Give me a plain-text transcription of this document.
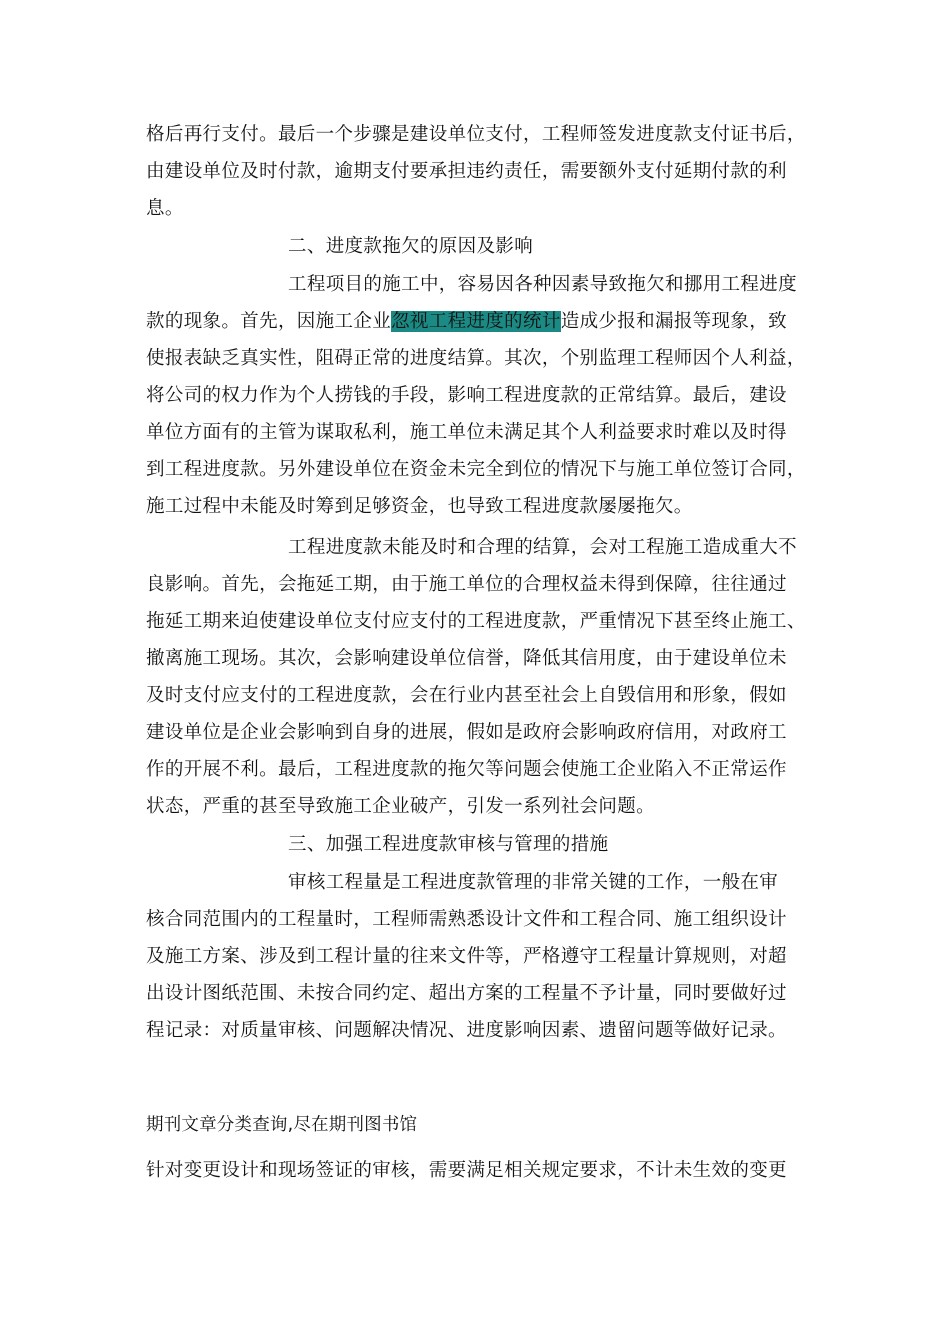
格后再行支付。最后一个步骤是建设单位支付，工程师签发进度款支付证书后，
由建设单位及时付款，逾期支付要承担违约责任，需要额外支付延期付款的利
息。
二、进度款拖欠的原因及影响
工程项目的施工中，容易因各种因素导致拖欠和挪用工程进度
款的现象。首先，因施工企业忽视工程进度的统计造成少报和漏报等现象，致
使报表缺乏真实性，阻碍正常的进度结算。其次，个别监理工程师因个人利益，
将公司的权力作为个人捞钱的手段，影响工程进度款的正常结算。最后，建设
单位方面有的主管为谋取私利，施工单位未满足其个人利益要求时难以及时得
到工程进度款。另外建设单位在资金未完全到位的情况下与施工单位签订合同，
施工过程中未能及时筹到足够资金，也导致工程进度款屡屡拖欠。
工程进度款未能及时和合理的结算，会对工程施工造成重大不
良影响。首先，会拖延工期，由于施工单位的合理权益未得到保障，往往通过
拖延工期来迫使建设单位支付应支付的工程进度款，严重情况下甚至终止施工、
撤离施工现场。其次，会影响建设单位信誉，降低其信用度，由于建设单位未
及时支付应支付的工程进度款，会在行业内甚至社会上自毁信用和形象，假如
建设单位是企业会影响到自身的进展，假如是政府会影响政府信用，对政府工
作的开展不利。最后，工程进度款的拖欠等问题会使施工企业陷入不正常运作
状态，严重的甚至导致施工企业破产，引发一系列社会问题。
三、加强工程进度款审核与管理的措施
审核工程量是工程进度款管理的非常关键的工作，一般在审
核合同范围内的工程量时，工程师需熟悉设计文件和工程合同、施工组织设计
及施工方案、涉及到工程计量的往来文件等，严格遵守工程量计算规则，对超
出设计图纸范围、未按合同约定、超出方案的工程量不予计量，同时要做好过
程记录：对质量审核、问题解决情况、进度影响因素、遗留问题等做好记录。
期刊文章分类查询,尽在期刊图书馆
针对变更设计和现场签证的审核，需要满足相关规定要求，不计未生效的变更
